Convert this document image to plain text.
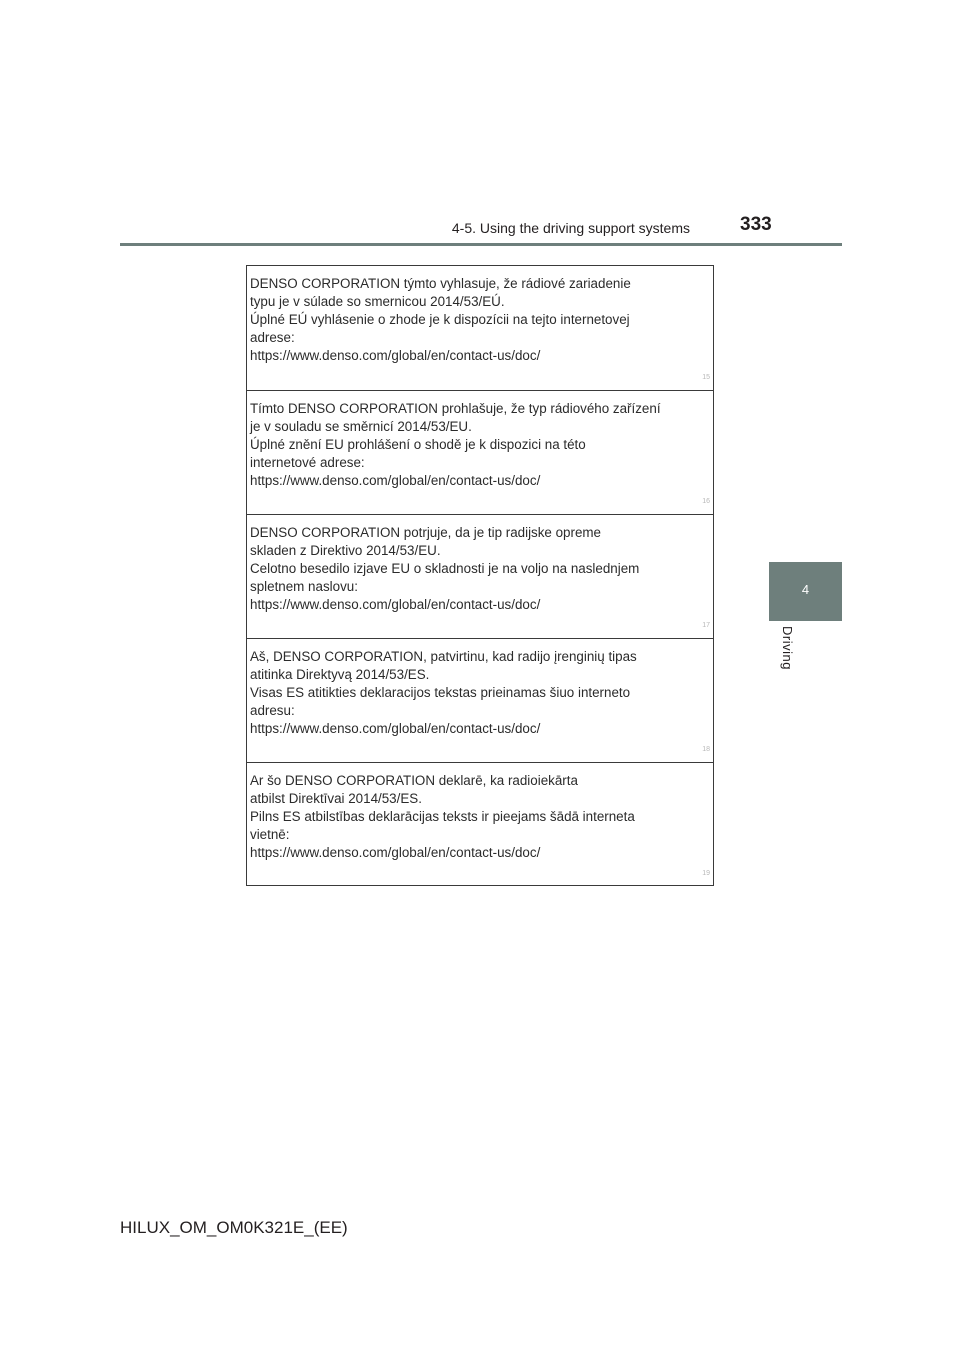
4-5. Using the driving support systems	333
4
Driving
DENSO CORPORATION týmto vyhlasuje, že rádiové zariadenie
typu je v súlade so smernicou 2014/53/EÚ.
Úplné EÚ vyhlásenie o zhode je k dispozícii na tejto internetovej
adrese:
https://www.denso.com/global/en/contact-us/doc/
15
Tímto DENSO CORPORATION prohlašuje, že typ rádiového zařízení
je v souladu se směrnicí 2014/53/EU.
Úplné znění EU prohlášení o shodě je k dispozici na této
internetové adrese:
https://www.denso.com/global/en/contact-us/doc/
16
DENSO CORPORATION potrjuje, da je tip radijske opreme
skladen z Direktivo 2014/53/EU.
Celotno besedilo izjave EU o skladnosti je na voljo na naslednjem
spletnem naslovu:
https://www.denso.com/global/en/contact-us/doc/
17
Aš, DENSO CORPORATION, patvirtinu, kad radijo įrenginių tipas
atitinka Direktyvą 2014/53/ES.
Visas ES atitikties deklaracijos tekstas prieinamas šiuo interneto
adresu:
https://www.denso.com/global/en/contact-us/doc/
18
Ar šo DENSO CORPORATION deklarē, ka radioiekārta
atbilst Direktīvai 2014/53/ES.
Pilns ES atbilstības deklarācijas teksts ir pieejams šādā interneta
vietnē:
https://www.denso.com/global/en/contact-us/doc/
19
HILUX_OM_OM0K321E_(EE)
